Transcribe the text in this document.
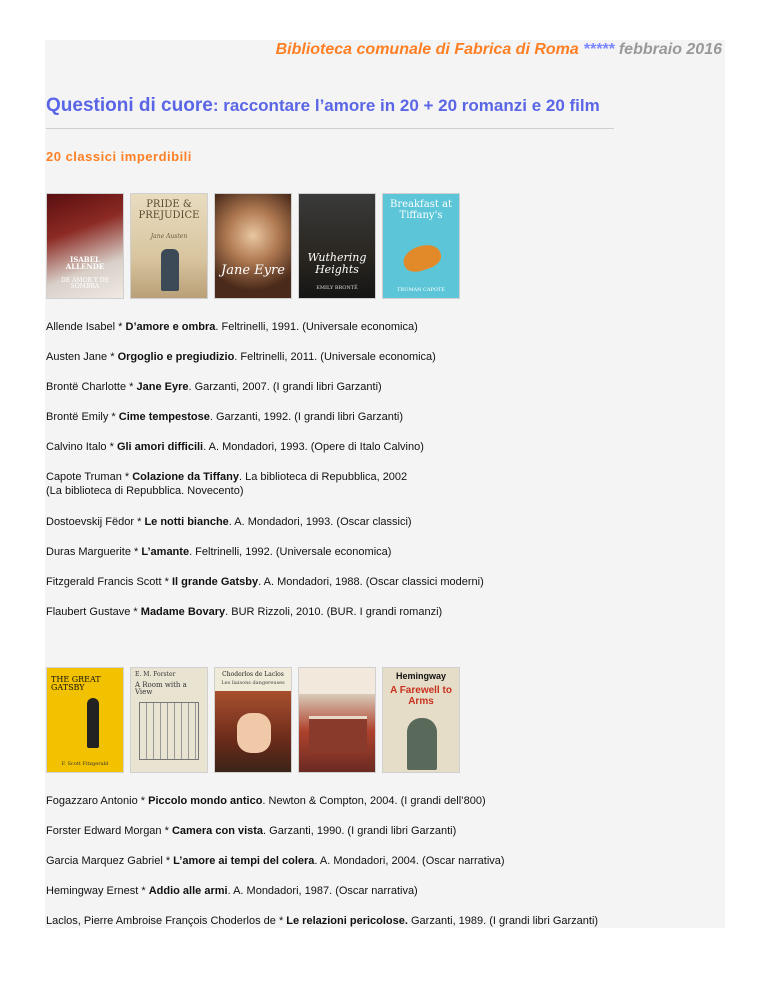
Biblioteca comunale di Fabrica di Roma ***** febbraio 2016
Questioni di cuore: raccontare l’amore in 20 + 20 romanzi e 20 film
20 classici imperdibili
ISABEL ALLENDE
DE AMOR Y DE SOMBRA
PRIDE & PREJUDICE
Jane Austen
Jane Eyre
Wuthering Heights
EMILY BRONTË
Breakfast at Tiffany's
TRUMAN CAPOTE
Allende Isabel * D’amore e ombra. Feltrinelli, 1991. (Universale economica)
Austen Jane * Orgoglio e pregiudizio. Feltrinelli, 2011. (Universale economica)
Brontë Charlotte * Jane Eyre. Garzanti, 2007. (I grandi libri Garzanti)
Brontë Emily * Cime tempestose. Garzanti, 1992. (I grandi libri Garzanti)
Calvino Italo * Gli amori difficili. A. Mondadori, 1993. (Opere di Italo Calvino)
Capote Truman * Colazione da Tiffany. La biblioteca di Repubblica, 2002
(La biblioteca di Repubblica. Novecento)
Dostoevskij Fëdor * Le notti bianche. A. Mondadori, 1993. (Oscar classici)
Duras Marguerite * L’amante. Feltrinelli, 1992. (Universale economica)
Fitzgerald Francis Scott * Il grande Gatsby. A. Mondadori, 1988. (Oscar classici moderni)
Flaubert Gustave * Madame Bovary. BUR Rizzoli, 2010. (BUR. I grandi romanzi)
THE GREAT GATSBY
F. Scott Fitzgerald
E. M. Forster
A Room with a View
Choderlos de Laclos
Les liaisons dangereuses
Hemingway
A Farewell to Arms
Fogazzaro Antonio * Piccolo mondo antico. Newton & Compton, 2004. (I grandi dell’800)
Forster Edward Morgan * Camera con vista. Garzanti, 1990. (I grandi libri Garzanti)
Garcia Marquez Gabriel * L’amore ai tempi del colera. A. Mondadori, 2004. (Oscar narrativa)
Hemingway Ernest * Addio alle armi. A. Mondadori, 1987. (Oscar narrativa)
Laclos, Pierre Ambroise François Choderlos de * Le relazioni pericolose. Garzanti, 1989. (I grandi libri Garzanti)
